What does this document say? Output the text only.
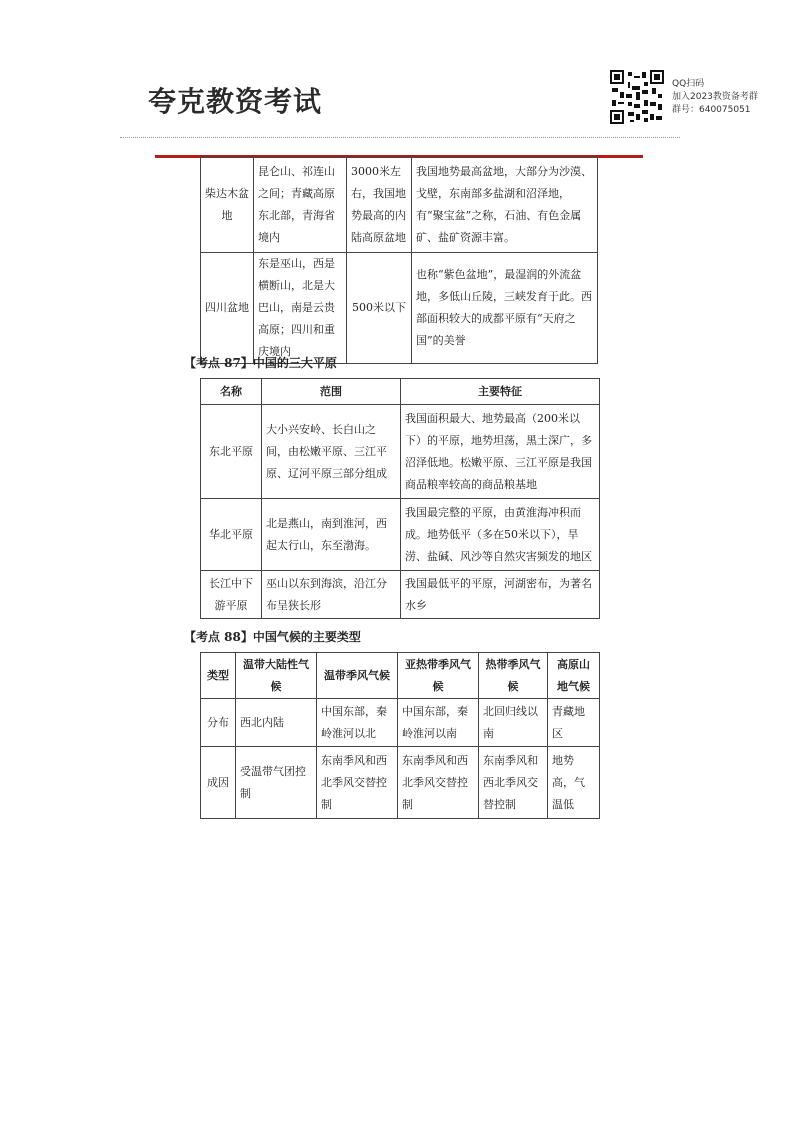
夸克教资考试
QQ扫码
加入2023教资备考群
群号：640075051
柴达木盆地	昆仑山、祁连山之间；青藏高原东北部，青海省境内	3000米左右，我国地势最高的内陆高原盆地	我国地势最高盆地，大部分为沙漠、戈壁，东南部多盐湖和沼泽地，有“聚宝盆”之称，石油、有色金属矿、盐矿资源丰富。
四川盆地	东是巫山，西是横断山，北是大巴山，南是云贵高原；四川和重庆境内	500米以下	也称“紫色盆地”，最湿润的外流盆地，多低山丘陵，三峡发育于此。西部面积较大的成都平原有“天府之国”的美誉
【考点 87】中国的三大平原
名称	范围	主要特征
东北平原	大小兴安岭、长白山之间，由松嫩平原、三江平原、辽河平原三部分组成	我国面积最大、地势最高（200米以下）的平原，地势坦荡，黑土深广，多沼泽低地。松嫩平原、三江平原是我国商品粮率较高的商品粮基地
华北平原	北是燕山，南到淮河，西起太行山，东至渤海。	我国最完整的平原，由黄淮海冲积而成。地势低平（多在50米以下），旱涝、盐碱、风沙等自然灾害频发的地区
长江中下游平原	巫山以东到海滨，沿江分布呈狭长形	我国最低平的平原，河湖密布，为著名水乡
【考点 88】中国气候的主要类型
类型	温带大陆性气候	温带季风气候	亚热带季风气候	热带季风气候	高原山地气候
分布	西北内陆	中国东部，秦岭淮河以北	中国东部，秦岭淮河以南	北回归线以南	青藏地区
成因	受温带气团控制	东南季风和西北季风交替控制	东南季风和西北季风交替控制	东南季风和西北季风交替控制	地势高，气温低
